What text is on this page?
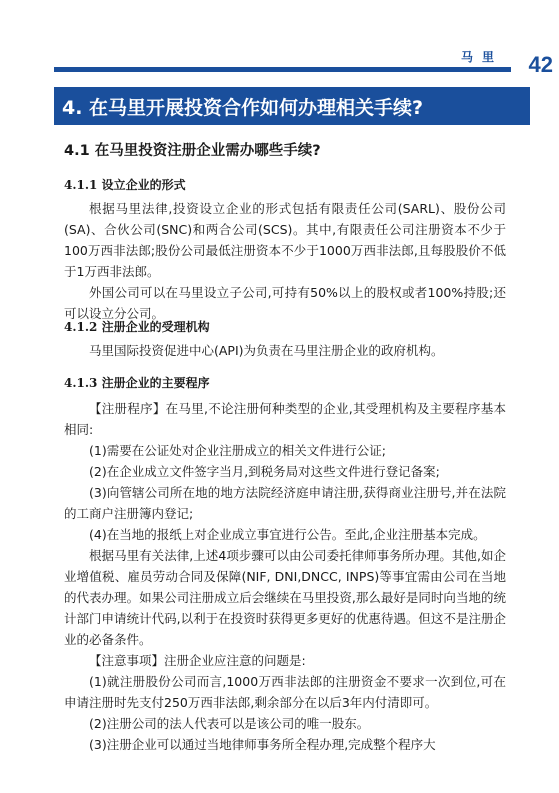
马里 42
4. 在马里开展投资合作如何办理相关手续?
4.1 在马里投资注册企业需办哪些手续?
4.1.1 设立企业的形式

根据马里法律,投资设立企业的形式包括有限责任公司(SARL)、股份公司(SA)、合伙公司(SNC)和两合公司(SCS)。其中,有限责任公司注册资本不少于100万西非法郎;股份公司最低注册资本不少于1000万西非法郎,且每股股价不低于1万西非法郎。

外国公司可以在马里设立子公司,可持有50%以上的股权或者100%持股;还可以设立分公司。

4.1.2 注册企业的受理机构

马里国际投资促进中心(API)为负责在马里注册企业的政府机构。

4.1.3 注册企业的主要程序

【注册程序】在马里,不论注册何种类型的企业,其受理机构及主要程序基本相同:

(1)需要在公证处对企业注册成立的相关文件进行公证;

(2)在企业成立文件签字当月,到税务局对这些文件进行登记备案;

(3)向管辖公司所在地的地方法院经济庭申请注册,获得商业注册号,并在法院的工商户注册簿内登记;

(4)在当地的报纸上对企业成立事宜进行公告。至此,企业注册基本完成。

根据马里有关法律,上述4项步骤可以由公司委托律师事务所办理。其他,如企业增值税、雇员劳动合同及保障(NIF, DNI,DNCC, INPS)等事宜需由公司在当地的代表办理。如果公司注册成立后会继续在马里投资,那么最好是同时向当地的统计部门申请统计代码,以利于在投资时获得更多更好的优惠待遇。但这不是注册企业的必备条件。

【注意事项】注册企业应注意的问题是:

(1)就注册股份公司而言,1000万西非法郎的注册资金不要求一次到位,可在申请注册时先支付250万西非法郎,剩余部分在以后3年内付清即可。

(2)注册公司的法人代表可以是该公司的唯一股东。

(3)注册企业可以通过当地律师事务所全程办理,完成整个程序大
